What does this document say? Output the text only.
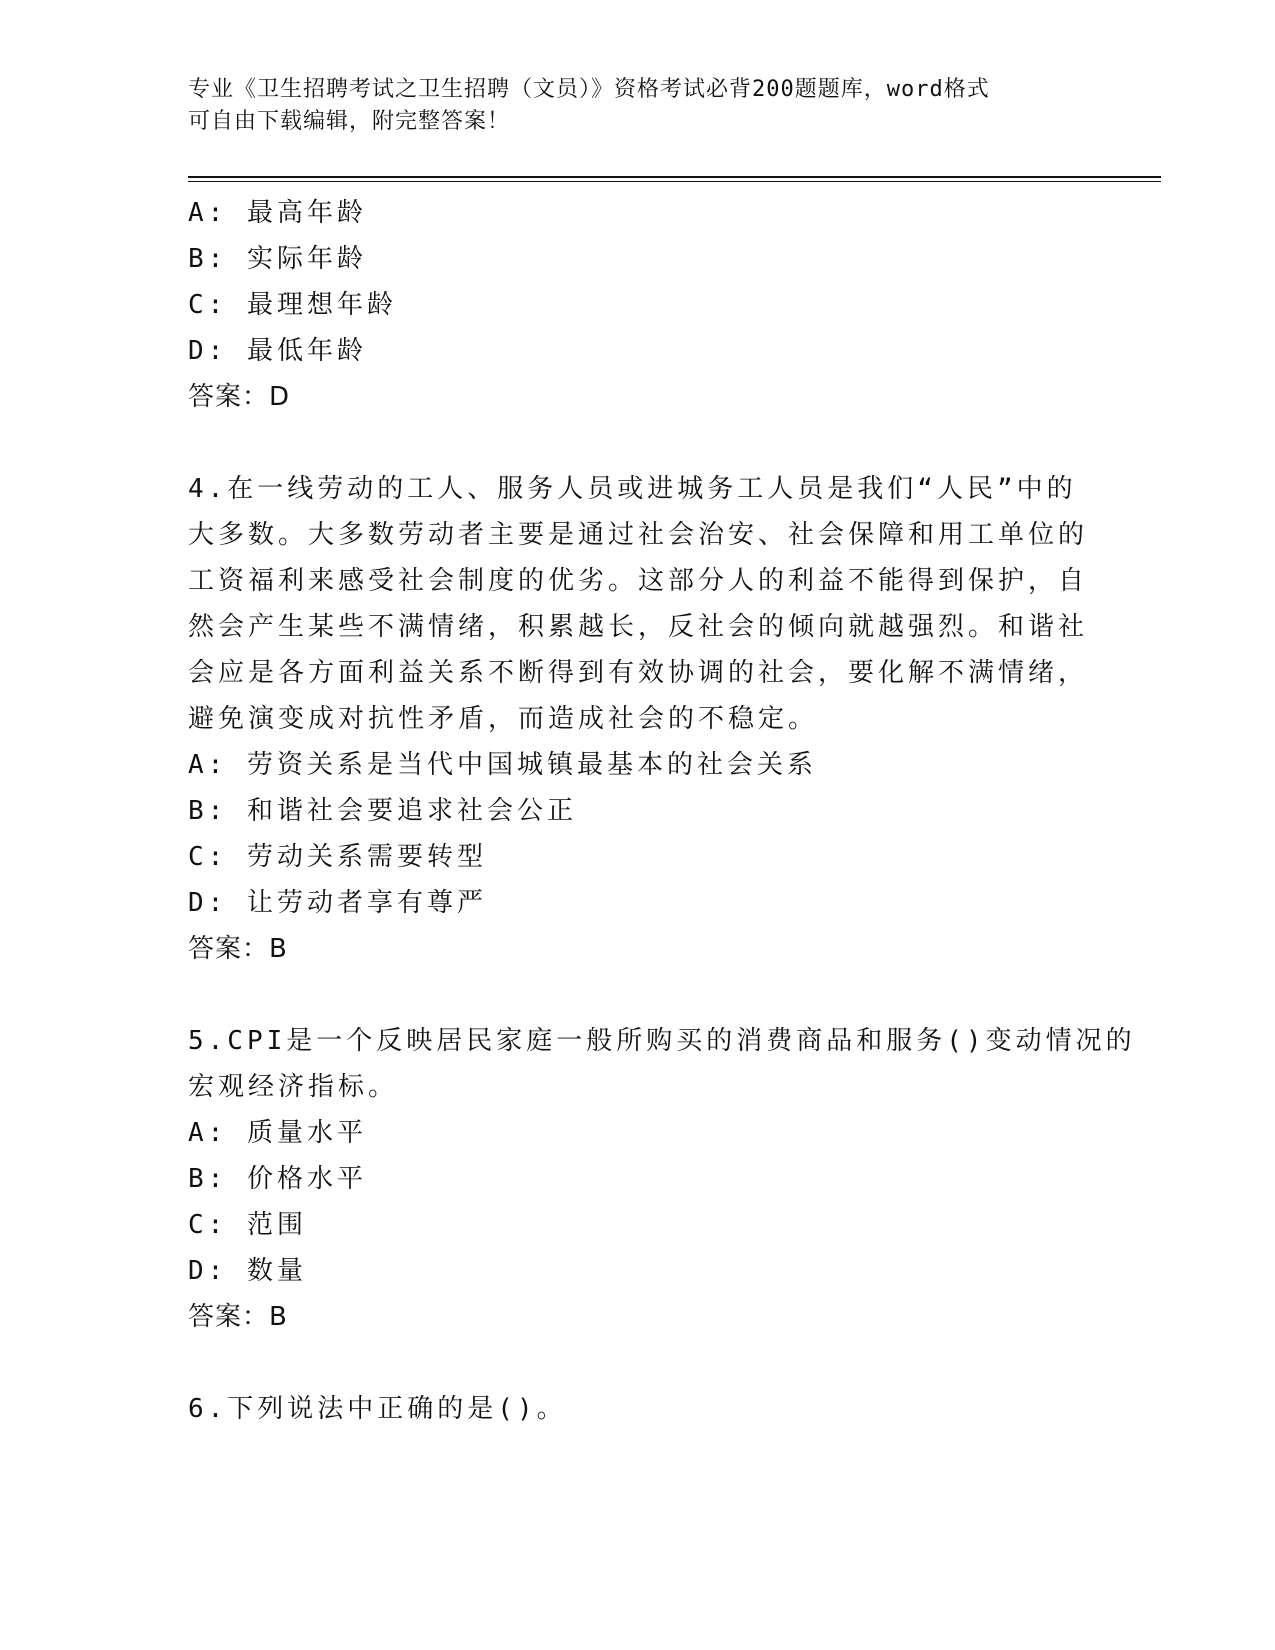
专业《卫生招聘考试之卫生招聘（文员）》资格考试必背200题题库，word格式
可自由下载编辑，附完整答案！
A: 最高年龄
B: 实际年龄
C: 最理想年龄
D: 最低年龄
答案：D
4.在一线劳动的工人、服务人员或进城务工人员是我们“人民”中的
大多数。大多数劳动者主要是通过社会治安、社会保障和用工单位的
工资福利来感受社会制度的优劣。这部分人的利益不能得到保护，自
然会产生某些不满情绪，积累越长，反社会的倾向就越强烈。和谐社
会应是各方面利益关系不断得到有效协调的社会，要化解不满情绪，
避免演变成对抗性矛盾，而造成社会的不稳定。
A: 劳资关系是当代中国城镇最基本的社会关系
B: 和谐社会要追求社会公正
C: 劳动关系需要转型
D: 让劳动者享有尊严
答案：B
5.CPI是一个反映居民家庭一般所购买的消费商品和服务()变动情况的
宏观经济指标。
A: 质量水平
B: 价格水平
C: 范围
D: 数量
答案：B
6.下列说法中正确的是()。
